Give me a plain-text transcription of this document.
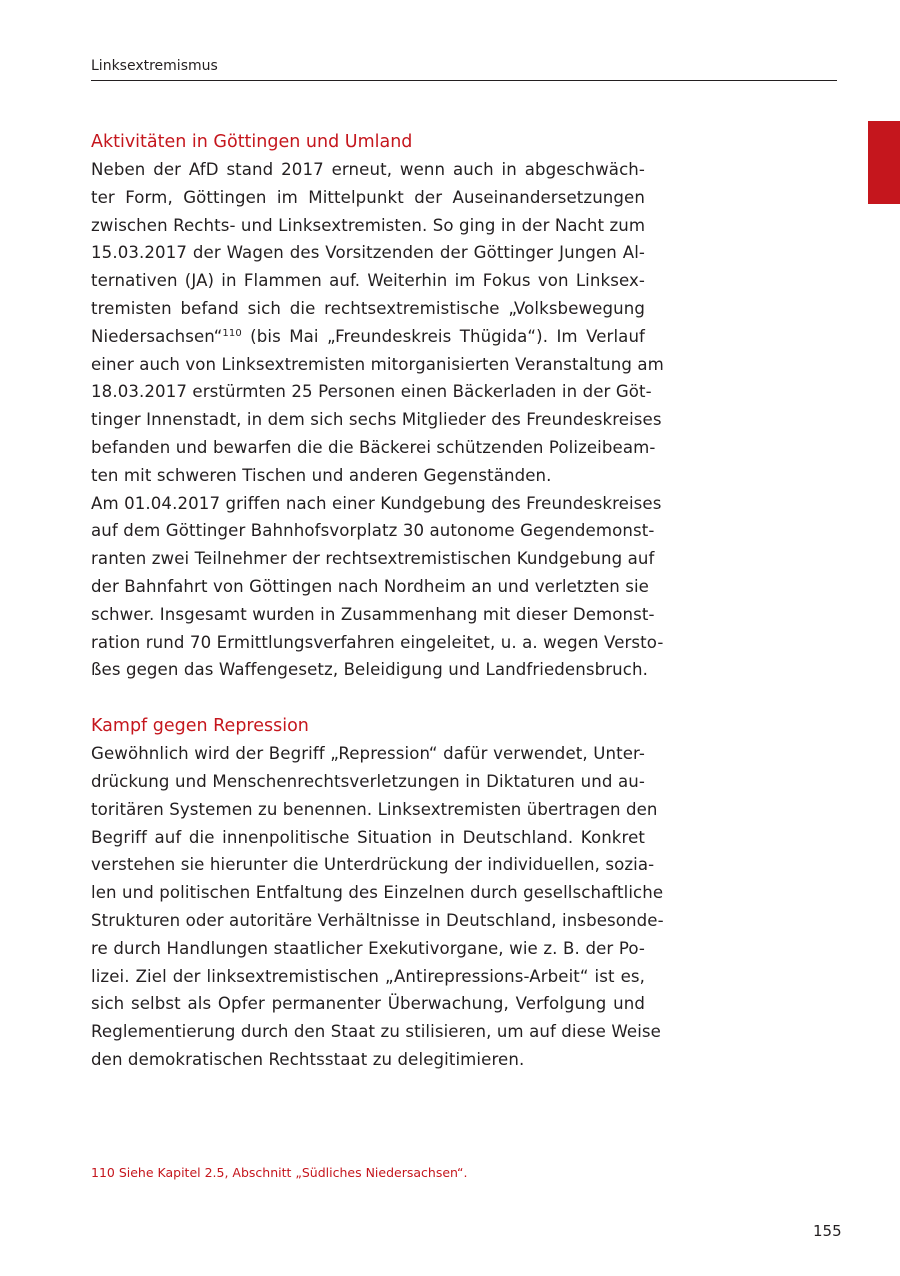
Linksextremismus
Aktivitäten in Göttingen und Umland

Neben der AfD stand 2017 erneut, wenn auch in abgeschwäch-
ter Form, Göttingen im Mittelpunkt der Auseinandersetzungen
zwischen Rechts- und Linksextremisten. So ging in der Nacht zum
15.03.2017 der Wagen des Vorsitzenden der Göttinger Jungen Al-
ternativen (JA) in Flammen auf. Weiterhin im Fokus von Linksex-
tremisten befand sich die rechtsextremistische „Volksbewegung
Niedersachsen“$^{110}$ (bis Mai „Freundeskreis Thügida“). Im Verlauf
einer auch von Linksextremisten mitorganisierten Veranstaltung am
18.03.2017 erstürmten 25 Personen einen Bäckerladen in der Göt-
tinger Innenstadt, in dem sich sechs Mitglieder des Freundeskreises
befanden und bewarfen die die Bäckerei schützenden Polizeibeam-
ten mit schweren Tischen und anderen Gegenständen.

Am 01.04.2017 griffen nach einer Kundgebung des Freundeskreises
auf dem Göttinger Bahnhofsvorplatz 30 autonome Gegendemonst-
ranten zwei Teilnehmer der rechtsextremistischen Kundgebung auf
der Bahnfahrt von Göttingen nach Nordheim an und verletzten sie
schwer. Insgesamt wurden in Zusammenhang mit dieser Demonst-
ration rund 70 Ermittlungsverfahren eingeleitet, u. a. wegen Versto-
ßes gegen das Waffengesetz, Beleidigung und Landfriedensbruch.

Kampf gegen Repression

Gewöhnlich wird der Begriff „Repression“ dafür verwendet, Unter-
drückung und Menschenrechtsverletzungen in Diktaturen und au-
toritären Systemen zu benennen. Linksextremisten übertragen den
Begriff auf die innenpolitische Situation in Deutschland. Konkret
verstehen sie hierunter die Unterdrückung der individuellen, sozia-
len und politischen Entfaltung des Einzelnen durch gesellschaftliche
Strukturen oder autoritäre Verhältnisse in Deutschland, insbesonde-
re durch Handlungen staatlicher Exekutivorgane, wie z. B. der Po-
lizei. Ziel der linksextremistischen „Antirepressions-Arbeit“ ist es,
sich selbst als Opfer permanenter Überwachung, Verfolgung und
Reglementierung durch den Staat zu stilisieren, um auf diese Weise
den demokratischen Rechtsstaat zu delegitimieren.

110 Siehe Kapitel 2.5, Abschnitt „Südliches Niedersachsen“.
155
